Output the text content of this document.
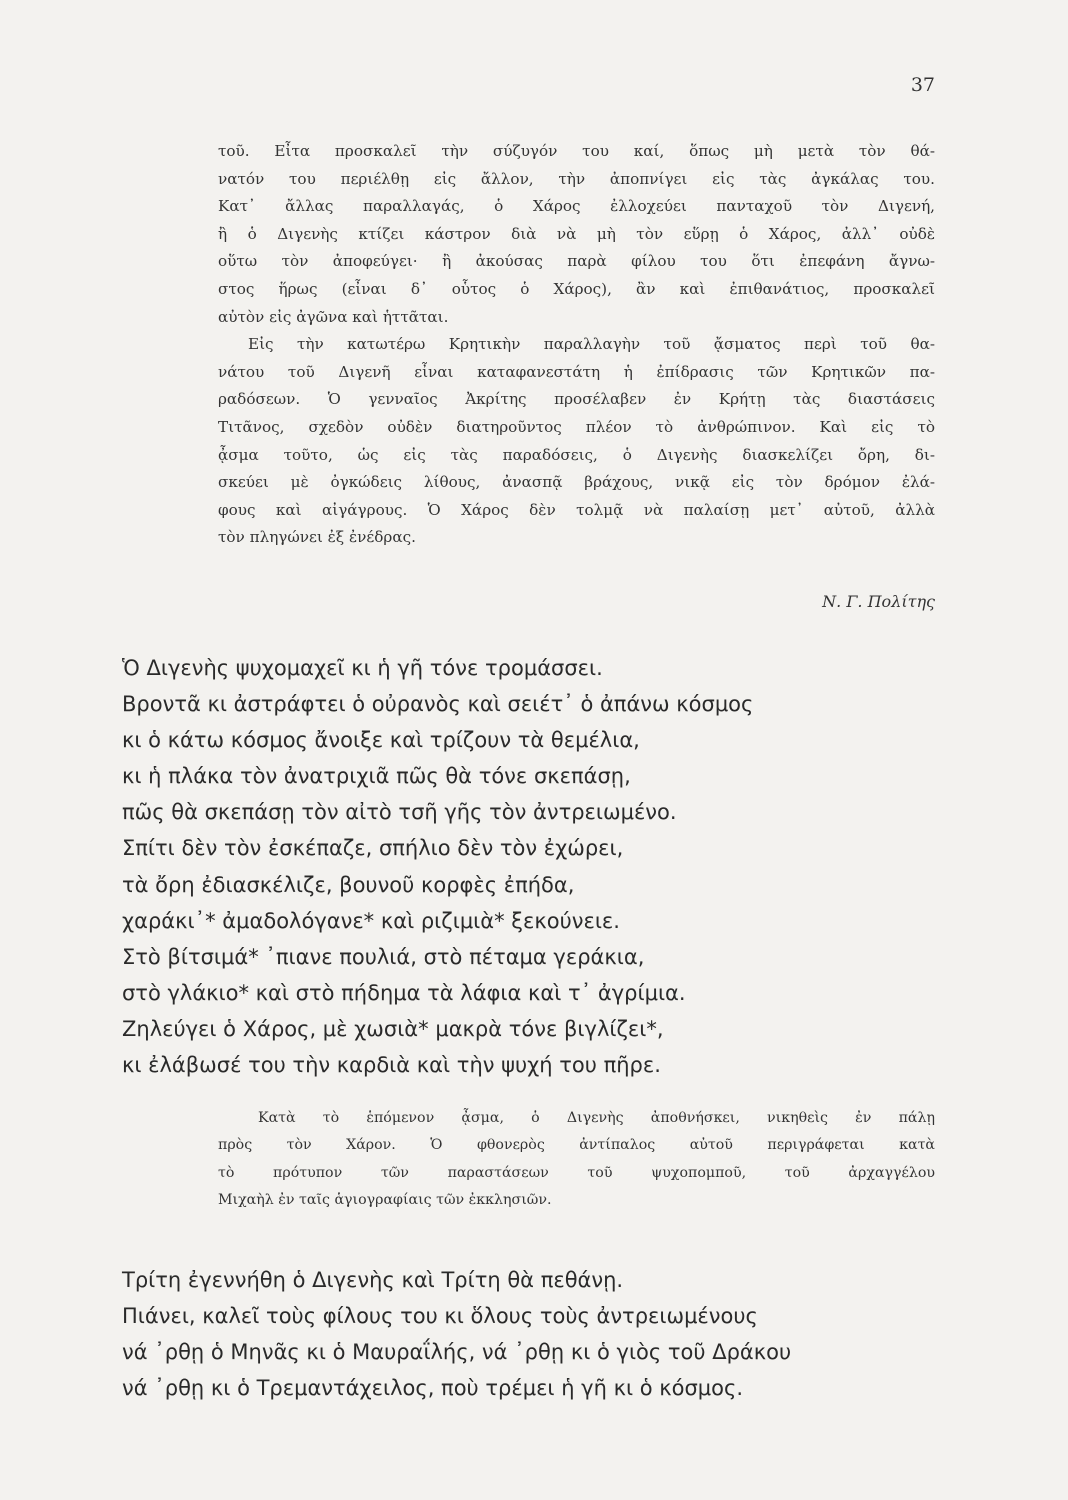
37
τοῦ. Εἶτα προσκαλεῖ τὴν σύζυγόν του καί, ὅπως μὴ μετὰ τὸν θά-
νατόν του περιέλθῃ εἰς ἄλλον, τὴν ἀποπνίγει εἰς τὰς ἀγκάλας του.
Κατ᾽ ἄλλας παραλλαγάς, ὁ Χάρος ἐλλοχεύει πανταχοῦ τὸν Διγενή,
ἢ ὁ Διγενὴς κτίζει κάστρον διὰ νὰ μὴ τὸν εὕρῃ ὁ Χάρος, ἀλλ᾽ οὐδὲ
οὕτω τὸν ἀποφεύγει· ἢ ἀκούσας παρὰ φίλου του ὅτι ἐπεφάνη ἄγνω-
στος ἥρως (εἶναι δ᾽ οὗτος ὁ Χάρος), ἂν καὶ ἐπιθανάτιος, προσκαλεῖ
αὐτὸν εἰς ἀγῶνα καὶ ἡττᾶται.
Εἰς τὴν κατωτέρω Κρητικὴν παραλλαγὴν τοῦ ᾄσματος περὶ τοῦ θα-
νάτου τοῦ Διγενῆ εἶναι καταφανεστάτη ἡ ἐπίδρασις τῶν Κρητικῶν πα-
ραδόσεων. Ὁ γενναῖος Ἀκρίτης προσέλαβεν ἐν Κρήτῃ τὰς διαστάσεις
Τιτᾶνος, σχεδὸν οὐδὲν διατηροῦντος πλέον τὸ ἀνθρώπινον. Καὶ εἰς τὸ
ᾆσμα τοῦτο, ὡς εἰς τὰς παραδόσεις, ὁ Διγενὴς διασκελίζει ὄρη, δι-
σκεύει μὲ ὀγκώδεις λίθους, ἀνασπᾷ βράχους, νικᾷ εἰς τὸν δρόμον ἐλά-
φους καὶ αἰγάγρους. Ὁ Χάρος δὲν τολμᾷ νὰ παλαίσῃ μετ᾽ αὐτοῦ, ἀλλὰ
τὸν πληγώνει ἐξ ἐνέδρας.
Ν. Γ. Πολίτης
Ὁ Διγενὴς ψυχομαχεῖ κι ἡ γῆ τόνε τρομάσσει.
Βροντᾶ κι ἀστράφτει ὁ οὐρανὸς καὶ σειέτ᾽ ὁ ἀπάνω κόσμος
κι ὁ κάτω κόσμος ἄνοιξε καὶ τρίζουν τὰ θεμέλια,
κι ἡ πλάκα τὸν ἀνατριχιᾶ πῶς θὰ τόνε σκεπάσῃ,
πῶς θὰ σκεπάσῃ τὸν αἰτὸ τσῆ γῆς τὸν ἀντρειωμένο.
Σπίτι δὲν τὸν ἐσκέπαζε, σπήλιο δὲν τὸν ἐχώρει,
τὰ ὄρη ἐδιασκέλιζε, βουνοῦ κορφὲς ἐπήδα,
χαράκι᾽* ἀμαδολόγανε* καὶ ριζιμιὰ* ξεκούνειε.
Στὸ βίτσιμά* ᾽πιανε πουλιά, στὸ πέταμα γεράκια,
στὸ γλάκιο* καὶ στὸ πήδημα τὰ λάφια καὶ τ᾽ ἀγρίμια.
Ζηλεύγει ὁ Χάρος, μὲ χωσιὰ* μακρὰ τόνε βιγλίζει*,
κι ἐλάβωσέ του τὴν καρδιὰ καὶ τὴν ψυχή του πῆρε.
Κατὰ τὸ ἑπόμενον ᾆσμα, ὁ Διγενὴς ἀποθνήσκει, νικηθεὶς ἐν πάλῃ
πρὸς τὸν Χάρον. Ὁ φθονερὸς ἀντίπαλος αὐτοῦ περιγράφεται κατὰ
τὸ πρότυπον τῶν παραστάσεων τοῦ ψυχοπομποῦ, τοῦ ἀρχαγγέλου
Μιχαὴλ ἐν ταῖς ἁγιογραφίαις τῶν ἐκκλησιῶν.
Τρίτη ἐγεννήθη ὁ Διγενὴς καὶ Τρίτη θὰ πεθάνῃ.
Πιάνει, καλεῖ τοὺς φίλους του κι ὅλους τοὺς ἀντρειωμένους
νά ᾽ρθῃ ὁ Μηνᾶς κι ὁ Μαυραΐλής, νά ᾽ρθῃ κι ὁ γιὸς τοῦ Δράκου
νά ᾽ρθῃ κι ὁ Τρεμαντάχειλος, ποὺ τρέμει ἡ γῆ κι ὁ κόσμος.
